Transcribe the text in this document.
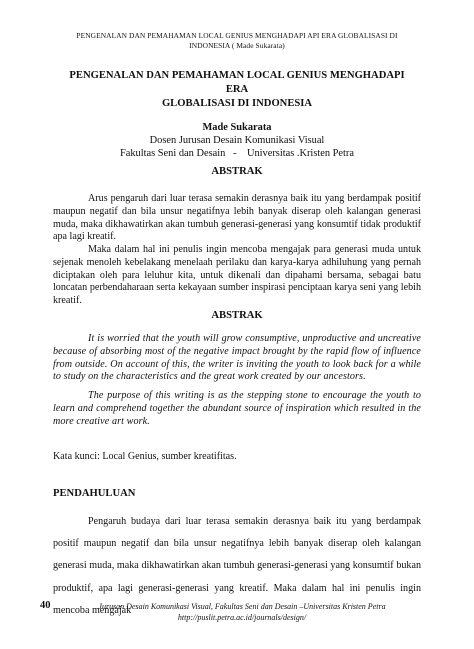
PENGENALAN DAN PEMAHAMAN LOCAL GENIUS MENGHADAPI API ERA GLOBALISASI DI
INDONESIA ( Made Sukarata)
PENGENALAN DAN PEMAHAMAN LOCAL GENIUS MENGHADAPI ERA
GLOBALISASI DI INDONESIA
Made Sukarata
Dosen Jurusan Desain Komunikasi Visual
Fakultas Seni dan Desain   -    Universitas .Kristen Petra
ABSTRAK

Arus pengaruh dari luar terasa semakin derasnya baik itu yang berdampak positif maupun negatif dan bila unsur negatifnya lebih banyak diserap oleh kalangan generasi muda, maka dikhawatirkan akan tumbuh generasi-generasi yang konsumtif tidak produktif apa lagi kreatif.

Maka dalam hal ini penulis ingin mencoba mengajak para generasi muda untuk sejenak menoleh kebelakang menelaah perilaku dan karya-karya adhiluhung yang pernah diciptakan oleh para leluhur kita, untuk dikenali dan dipahami bersama, sebagai batu loncatan perbendaharaan serta kekayaan sumber inspirasi penciptaan karya seni yang lebih kreatif.

ABSTRAK

It is worried that the youth will grow consumptive, unproductive and uncreative because of absorbing most of the negative impact brought by the rapid flow of influence from outside. On account of this, the writer is inviting the youth to look back for a while to study on the characteristics and the great work created by our ancestors.

The purpose of this writing is as the stepping stone to encourage the youth to learn and comprehend together the abundant source of inspiration which resulted in the more creative art work.

Kata kunci: Local Genius, sumber kreatifitas.
PENDAHULUAN

Pengaruh budaya dari luar terasa semakin derasnya baik itu yang berdampak positif maupun negatif dan bila unsur negatifnya lebih banyak diserap oleh kalangan generasi muda, maka dikhawatirkan akan tumbuh generasi-generasi yang konsumtif bukan produktif, apa lagi generasi-generasi yang kreatif. Maka dalam hal ini penulis ingin mencoba mengajak

40	Jurusan Desain Komunikasi Visual, Fakultas Seni dan Desain –Universitas Kristen Petra
http://puslit.petra.ac.id/journals/design/
